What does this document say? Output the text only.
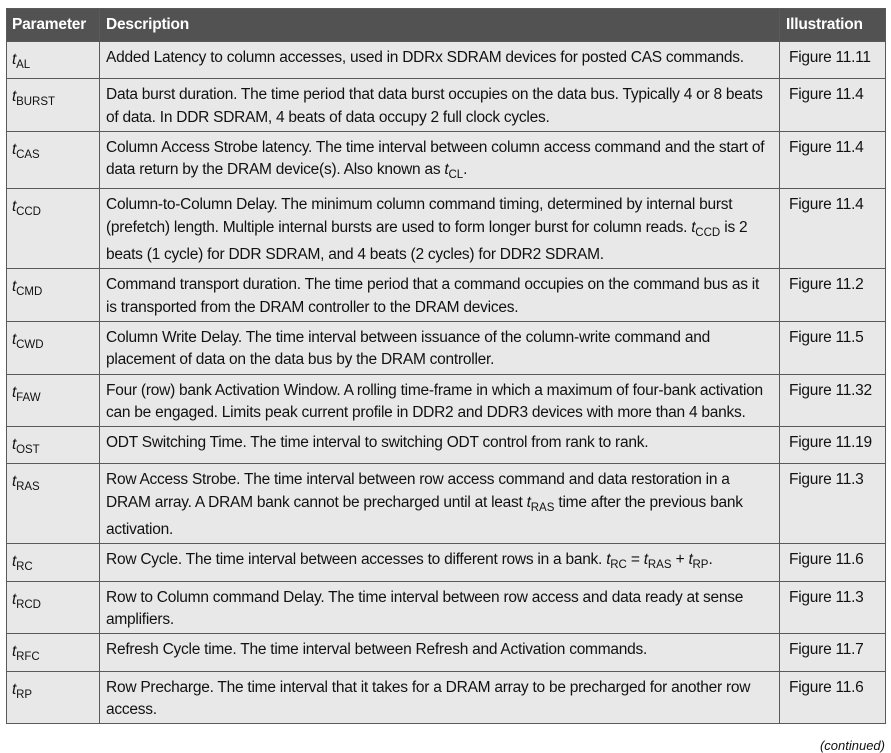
Parameter	Description	Illustration
$t_{AL}$	Added Latency to column accesses, used in DDRx SDRAM devices for posted CAS commands.	Figure 11.11
$t_{BURST}$	Data burst duration. The time period that data burst occupies on the data bus. Typically 4 or 8 beats of data. In DDR SDRAM, 4 beats of data occupy 2 full clock cycles.	Figure 11.4
$t_{CAS}$	Column Access Strobe latency. The time interval between column access command and the start of data return by the DRAM device(s). Also known as $t_{CL}$.	Figure 11.4
$t_{CCD}$	Column-to-Column Delay. The minimum column command timing, determined by internal burst (prefetch) length. Multiple internal bursts are used to form longer burst for column reads. $t_{CCD}$ is 2 beats (1 cycle) for DDR SDRAM, and 4 beats (2 cycles) for DDR2 SDRAM.	Figure 11.4
$t_{CMD}$	Command transport duration. The time period that a command occupies on the command bus as it is transported from the DRAM controller to the DRAM devices.	Figure 11.2
$t_{CWD}$	Column Write Delay. The time interval between issuance of the column-write command and placement of data on the data bus by the DRAM controller.	Figure 11.5
$t_{FAW}$	Four (row) bank Activation Window. A rolling time-frame in which a maximum of four-bank activation can be engaged. Limits peak current profile in DDR2 and DDR3 devices with more than 4 banks.	Figure 11.32
$t_{OST}$	ODT Switching Time. The time interval to switching ODT control from rank to rank.	Figure 11.19
$t_{RAS}$	Row Access Strobe. The time interval between row access command and data restoration in a DRAM array. A DRAM bank cannot be precharged until at least $t_{RAS}$ time after the previous bank activation.	Figure 11.3
$t_{RC}$	Row Cycle. The time interval between accesses to different rows in a bank. $t_{RC} = t_{RAS} + t_{RP}$.	Figure 11.6
$t_{RCD}$	Row to Column command Delay. The time interval between row access and data ready at sense amplifiers.	Figure 11.3
$t_{RFC}$	Refresh Cycle time. The time interval between Refresh and Activation commands.	Figure 11.7
$t_{RP}$	Row Precharge. The time interval that it takes for a DRAM array to be precharged for another row access.	Figure 11.6
(continued)
